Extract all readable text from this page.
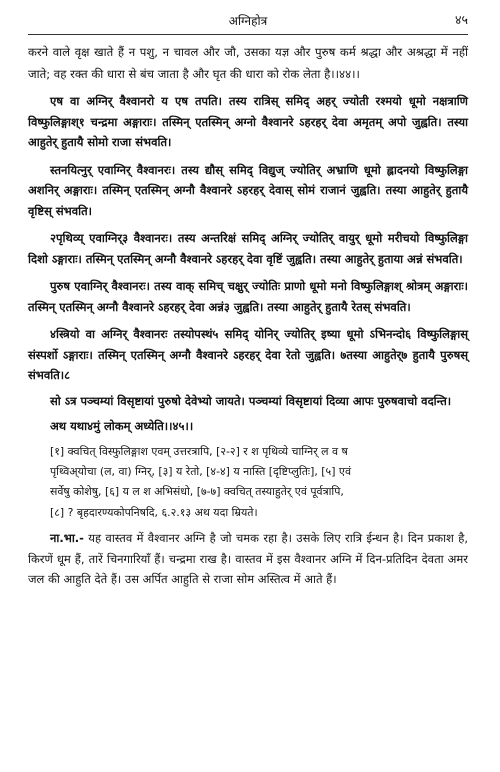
अग्निहोत्र	४५

करने वाले वृक्ष खाते हैं न पशु, न चावल और जौ, उसका यज्ञ और पुरुष कर्म श्रद्धा और अश्रद्धा में नहीं जाते; वह रक्त की धारा से बंच जाता है और घृत की धारा को रोक लेता है।।४४।।

एष वा अग्निर् वैश्वानरो य एष तपति। तस्य रात्रिस् समिद् अहर् ज्योती रश्मयो धूमो नक्षत्राणि विष्फुलिङ्गाश्१ चन्द्रमा अङ्गाराः। तस्मिन् एतस्मिन् अग्नो वैश्वानरे ऽहरहर् देवा अमृतम् अपो जुह्वति। तस्या आहुतेर् हुतायै सोमो राजा संभवति।

स्तनयित्नुर् एवाग्निर् वैश्वानरः। तस्य द्यौस् समिद् विद्युज् ज्योतिर् अभ्राणि धूमो ह्लादनयो विष्फुलिङ्गा अशनिर् अङ्गाराः। तस्मिन् एतस्मिन् अग्नौ वैश्वानरे ऽहरहर् देवास् सोमं राजानं जुह्वति। तस्या आहुतेर् हुतायै वृष्टिस् संभवति।

२पृथिव्य् एवाग्निर्३ वैश्वानरः। तस्य अन्तरिक्षं समिद् अग्निर् ज्योतिर् वायुर् धूमो मरीचयो विष्फुलिङ्गा दिशो ऽङ्गाराः। तस्मिन् एतस्मिन् अग्नौ वैश्वानरे ऽहरहर् देवा वृष्टिं जुह्वति। तस्या आहुतेर् हुताया अन्नं संभवति।

पुरुष एवाग्निर् वैश्वानरः। तस्य वाक् समिच् चक्षुर् ज्योतिः प्राणो धूमो मनो विष्फुलिङ्गाश् श्रोत्रम् अङ्गाराः। तस्मिन् एतस्मिन् अग्नौ वैश्वानरे ऽहरहर् देवा अन्नं३ जुह्वति। तस्या आहुतेर् हुतायै रेतस् संभवति।

४स्त्रियो वा अग्निर् वैश्वानरः तस्योपस्थं५ समिद् योनिर् ज्योतिर् इष्या धूमो ऽभिनन्दो६ विष्फुलिङ्गास् संस्पर्शो ऽङ्गाराः। तस्मिन् एतस्मिन् अग्नौ वैश्वानरे ऽहरहर् देवा रेतो जुह्वति। ७तस्या आहुतेर्७ हुतायै पुरुषस् संभवति।८

सो ऽत्र पञ्चम्यां विसृष्टायां पुरुषो देवेभ्यो जायते। पञ्चम्यां विसृष्टायां दिव्या आपः पुरुषवाचो वदन्ति।

अथ यथा४मुं लोकम् अध्येति।।४५।।

[१] क्वचित् विस्फुलिङ्गाश एवम् उत्तरत्रापि, [२-२] र श पृथिव्ये चाग्निर् ल व ष
पृथ्विअ्योचा (ल, वा) ग्निर्, [३] य रेतो, [४-४] य नास्ति [दृष्टिप्लुतिः], [५] एवं
सर्वेषु कोशेषु, [६] य ल श अभिसंधो, [७-७] क्वचित् तस्याहुतेर् एवं पूर्वत्रापि,
[८] ? बृहदारण्यकोपनिषदि, ६.२.१३ अथ यदा म्रियते।

ना.भा.- यह वास्तव में वैश्वानर अग्नि है जो चमक रहा है। उसके लिए रात्रि ईन्धन है। दिन प्रकाश है, किरणें धूम हैं, तारें चिनगारियाँ हैं। चन्द्रमा राख है। वास्तव में इस वैश्वानर अग्नि में दिन-प्रतिदिन देवता अमर जल की आहुति देते हैं। उस अर्पित आहुति से राजा सोम अस्तित्व में आते हैं।
